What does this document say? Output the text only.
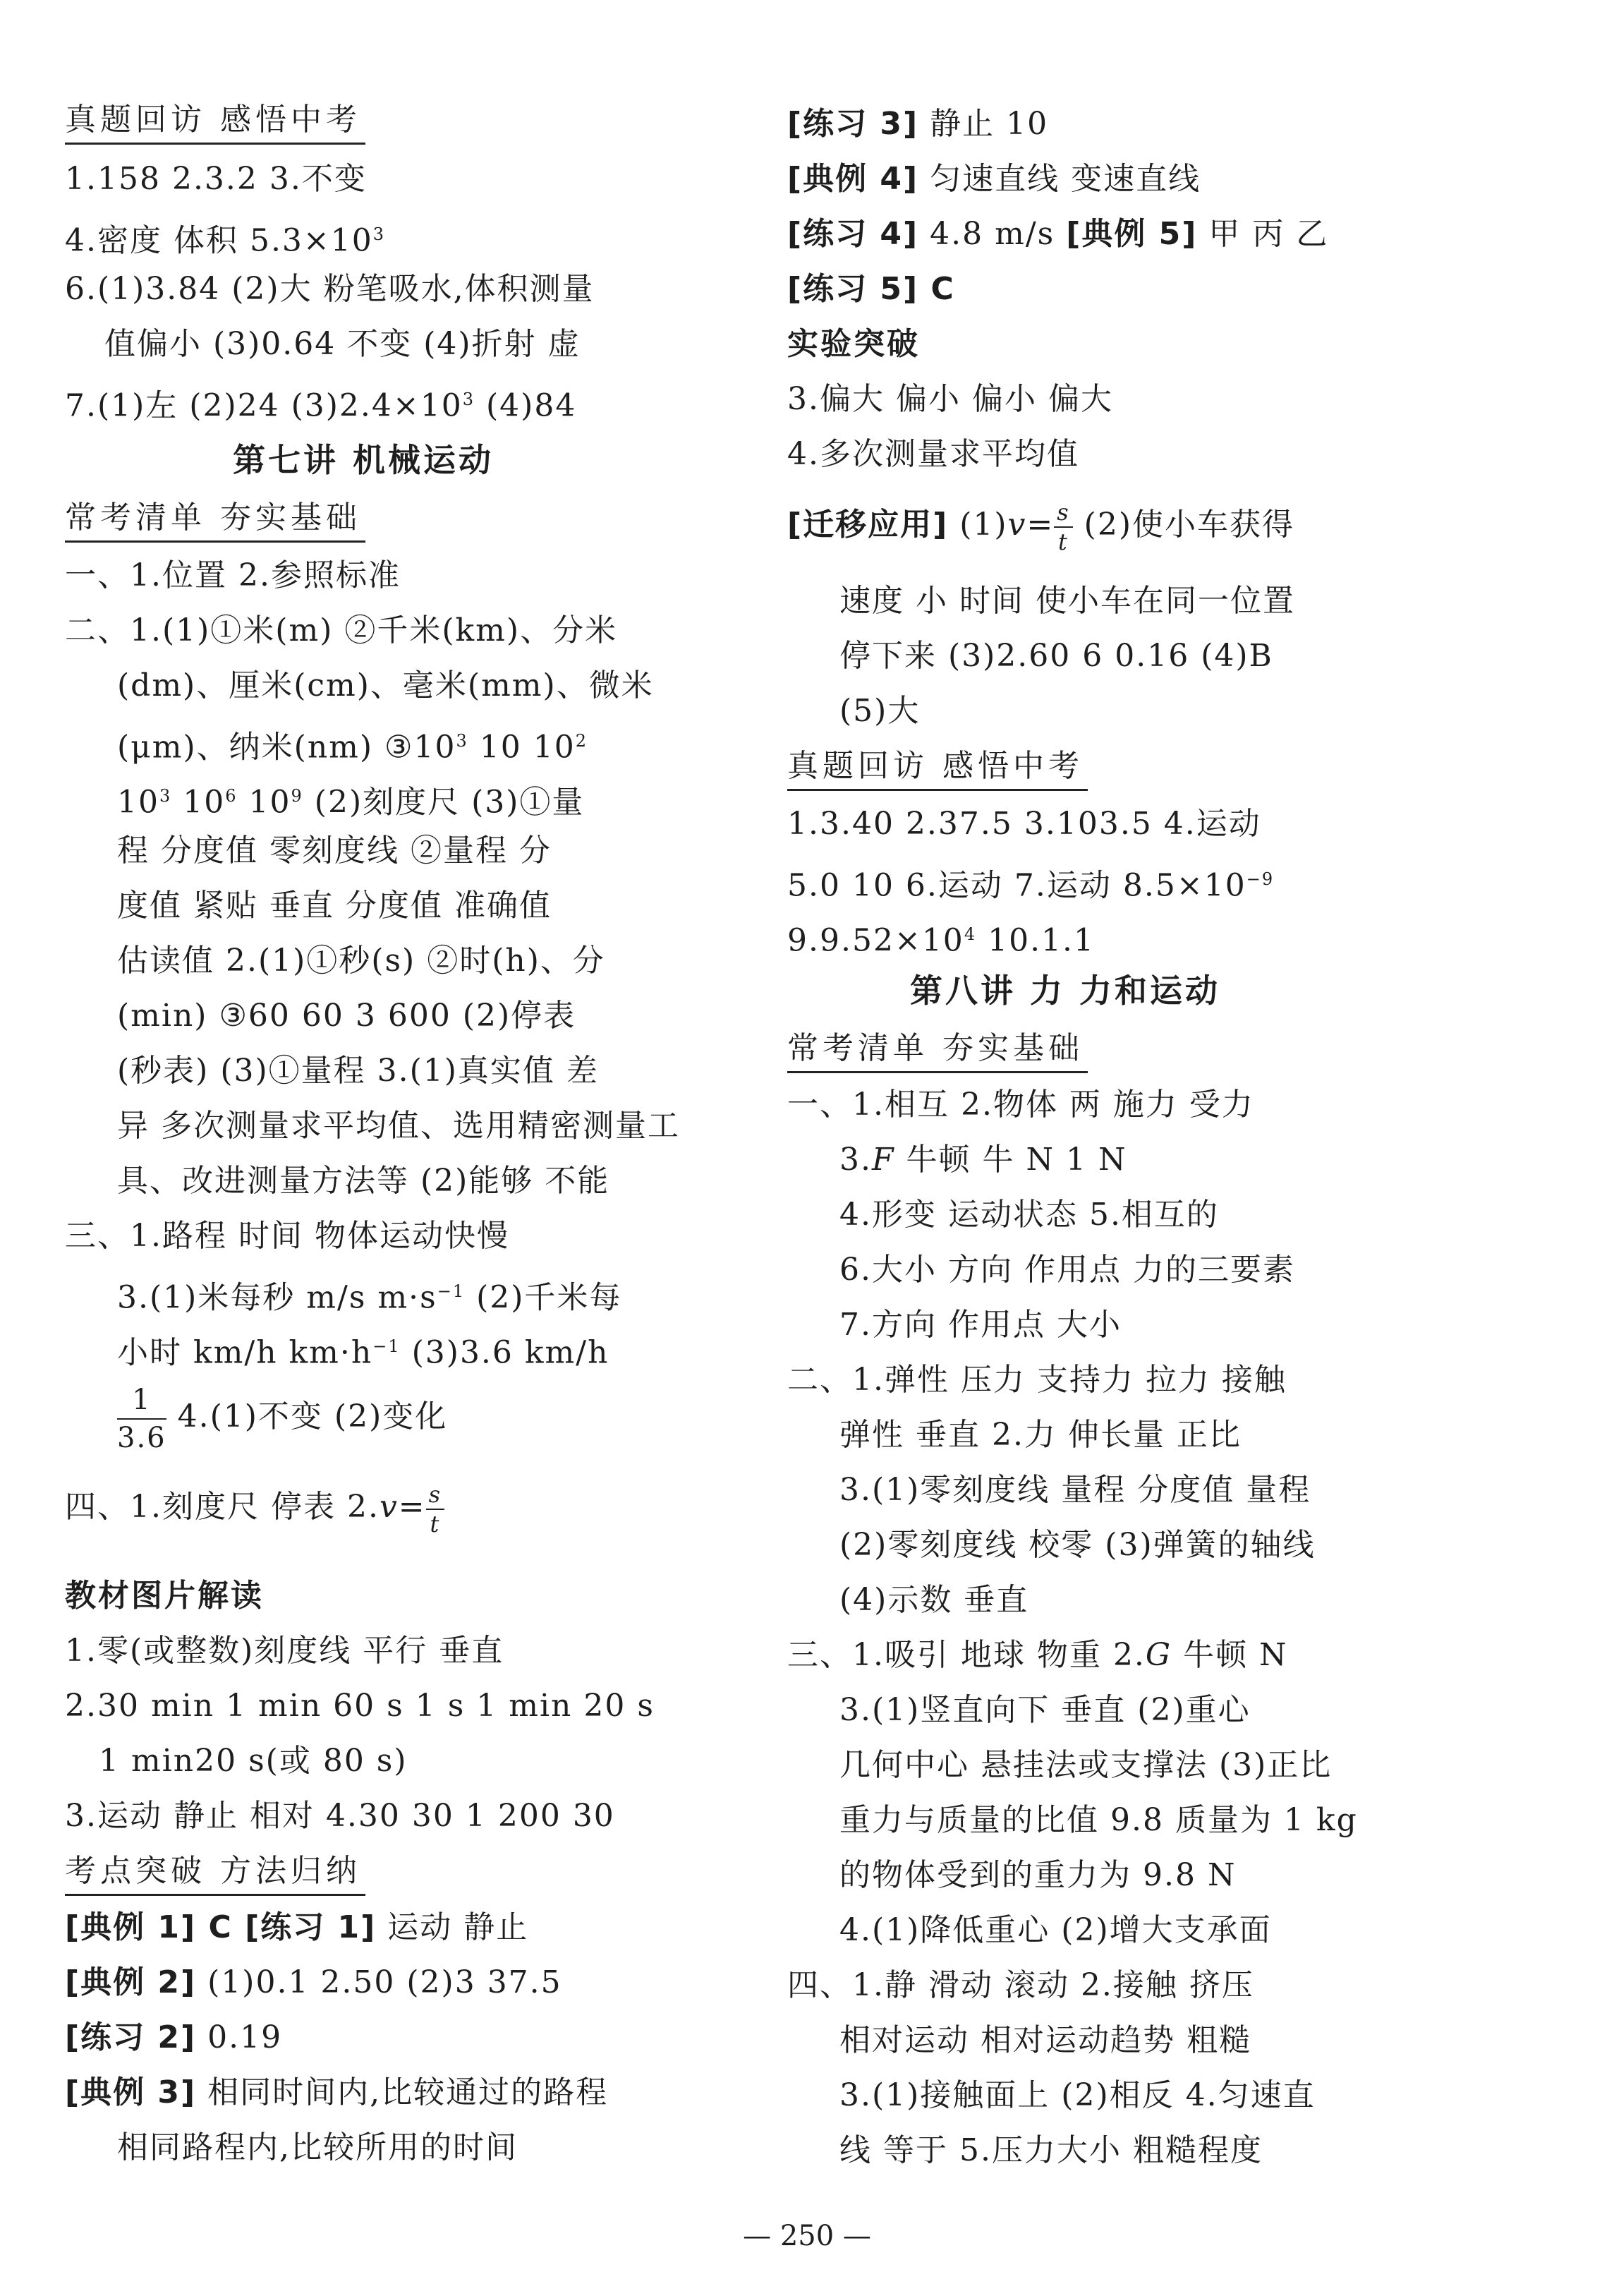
真题回访 感悟中考
1.158 2.3.2 3.不变
4.密度 体积 $5.3\times 10^3$
6.(1)3.84 (2)大 粉笔吸水,体积测量
值偏小 (3)0.64 不变 (4)折射 虚
7.(1)左 (2)24 $(3)2.4\times 10^3$ (4)84
第七讲 机械运动
常考清单 夯实基础
一、1.位置 2.参照标准
二、1.(1)①米(m) ②千米(km)、分米
(dm)、厘米(cm)、毫米(mm)、微米
(μm)、纳米(nm) $③10^3$ 10 $10^2$
$10^3$ $10^6$ $10^9$ (2)刻度尺 (3)①量
程 分度值 零刻度线 ②量程 分
度值 紧贴 垂直 分度值 准确值
估读值 2.(1)①秒(s) ②时(h)、分
(min) ③60 60 3 600 (2)停表
(秒表) (3)①量程 3.(1)真实值 差
异 多次测量求平均值、选用精密测量工
具、改进测量方法等 (2)能够 不能
三、1.路程 时间 物体运动快慢
3.(1)米每秒 m/s $m\cdot s^{-1}$ (2)千米每
小时 km/h $km\cdot h^{-1}$ (3)3.6 km/h
$\frac{1}{3.6} 4.(1)$不变 (2)变化
四、1.刻度尺 停表 $2.v= \frac{s}{t}$
教材图片解读
1.零(或整数)刻度线 平行 垂直
2.30 min 1 min 60 s 1 s 1 min 20 s
1 min20 s(或 80 s)
3.运动 静止 相对 4.30 30 1 200 30
考点突破 方法归纳
[典例 1] C [练习 1] 运动 静止
[典例 2] (1)0.1 2.50 (2)3 37.5
[练习 2] 0.19
[典例 3] 相同时间内,比较通过的路程
相同路程内,比较所用的时间
[练习 3] 静止 10
[典例 4] 匀速直线 变速直线
[练习 4] 4.8 m/s [典例 5] 甲 丙 乙
[练习 5] C
实验突破
3.偏大 偏小 偏小 偏大
4.多次测量求平均值
[迁移应用] $(1)v= \frac{s}{t} (2)$使小车获得
速度 小 时间 使小车在同一位置
停下来 (3)2.60 6 0.16 (4)B
(5)大
真题回访 感悟中考
1.3.40 2.37.5 3.103.5 4.运动
5.0 10 6.运动 7.运动 $8.5\times 10^{-9}$
$9.9.52\times 10^4$ 10.1.1
第八讲 力 力和运动
常考清单 夯实基础
一、1.相互 2.物体 两 施力 受力
3.F 牛顿 牛 N 1 N
4.形变 运动状态 5.相互的
6.大小 方向 作用点 力的三要素
7.方向 作用点 大小
二、1.弹性 压力 支持力 拉力 接触
弹性 垂直 2.力 伸长量 正比
3.(1)零刻度线 量程 分度值 量程
(2)零刻度线 校零 (3)弹簧的轴线
(4)示数 垂直
三、1.吸引 地球 物重 2.G 牛顿 N
3.(1)竖直向下 垂直 (2)重心
几何中心 悬挂法或支撑法 (3)正比
重力与质量的比值 9.8 质量为 1 kg
的物体受到的重力为 9.8 N
4.(1)降低重心 (2)增大支承面
四、1.静 滑动 滚动 2.接触 挤压
相对运动 相对运动趋势 粗糙
3.(1)接触面上 (2)相反 4.匀速直
线 等于 5.压力大小 粗糙程度
— 250 —
